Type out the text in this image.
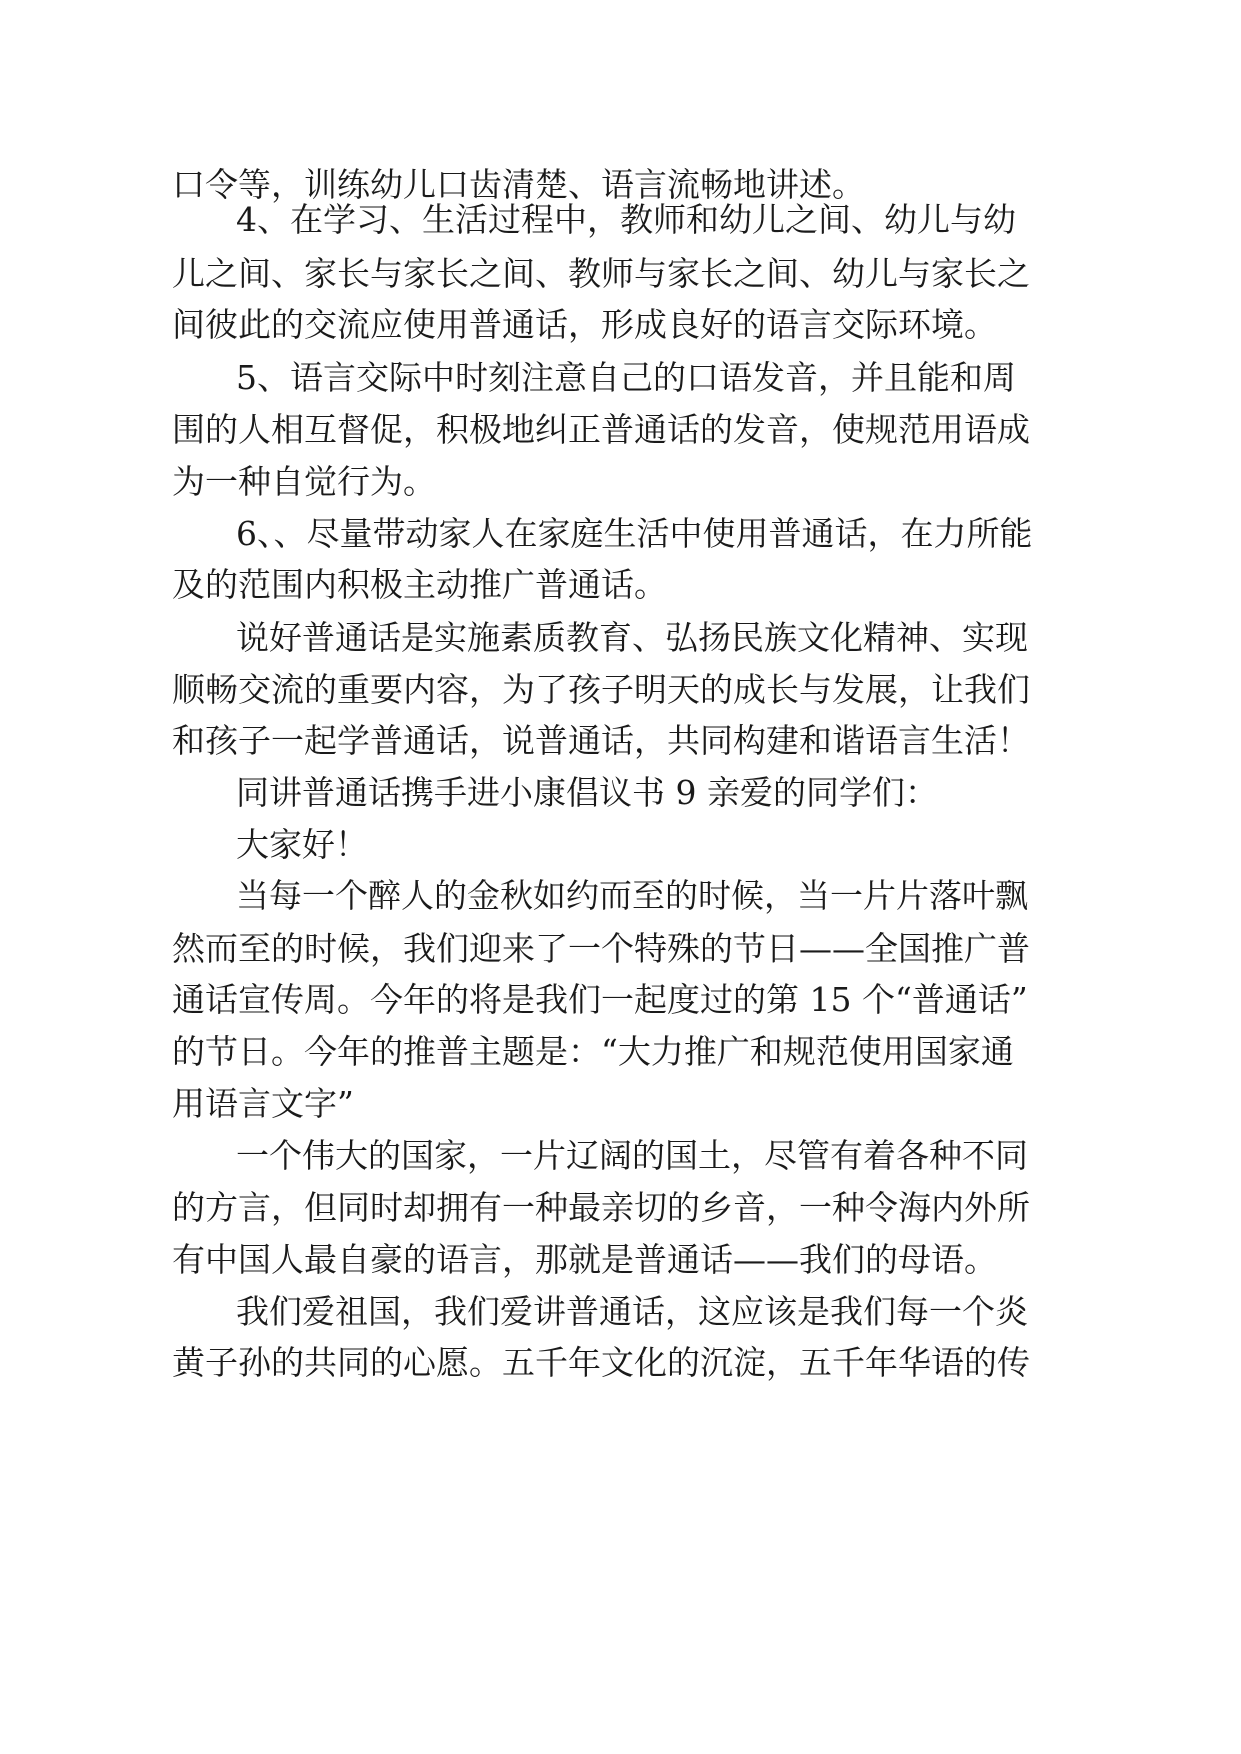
口令等，训练幼儿口齿清楚、语言流畅地讲述。
4、在学习、生活过程中，教师和幼儿之间、幼儿与幼
儿之间、家长与家长之间、教师与家长之间、幼儿与家长之
间彼此的交流应使用普通话，形成良好的语言交际环境。
5、语言交际中时刻注意自己的口语发音，并且能和周
围的人相互督促，积极地纠正普通话的发音，使规范用语成
为一种自觉行为。
6、、尽量带动家人在家庭生活中使用普通话，在力所能
及的范围内积极主动推广普通话。
说好普通话是实施素质教育、弘扬民族文化精神、实现
顺畅交流的重要内容，为了孩子明天的成长与发展，让我们
和孩子一起学普通话，说普通话，共同构建和谐语言生活！
同讲普通话携手进小康倡议书 9 亲爱的同学们：
大家好！
当每一个醉人的金秋如约而至的时候，当一片片落叶飘
然而至的时候，我们迎来了一个特殊的节日——全国推广普
通话宣传周。今年的将是我们一起度过的第 15 个“普通话”
的节日。今年的推普主题是：“大力推广和规范使用国家通
用语言文字”
一个伟大的国家，一片辽阔的国土，尽管有着各种不同
的方言，但同时却拥有一种最亲切的乡音，一种令海内外所
有中国人最自豪的语言，那就是普通话——我们的母语。
我们爱祖国，我们爱讲普通话，这应该是我们每一个炎
黄子孙的共同的心愿。五千年文化的沉淀，五千年华语的传
